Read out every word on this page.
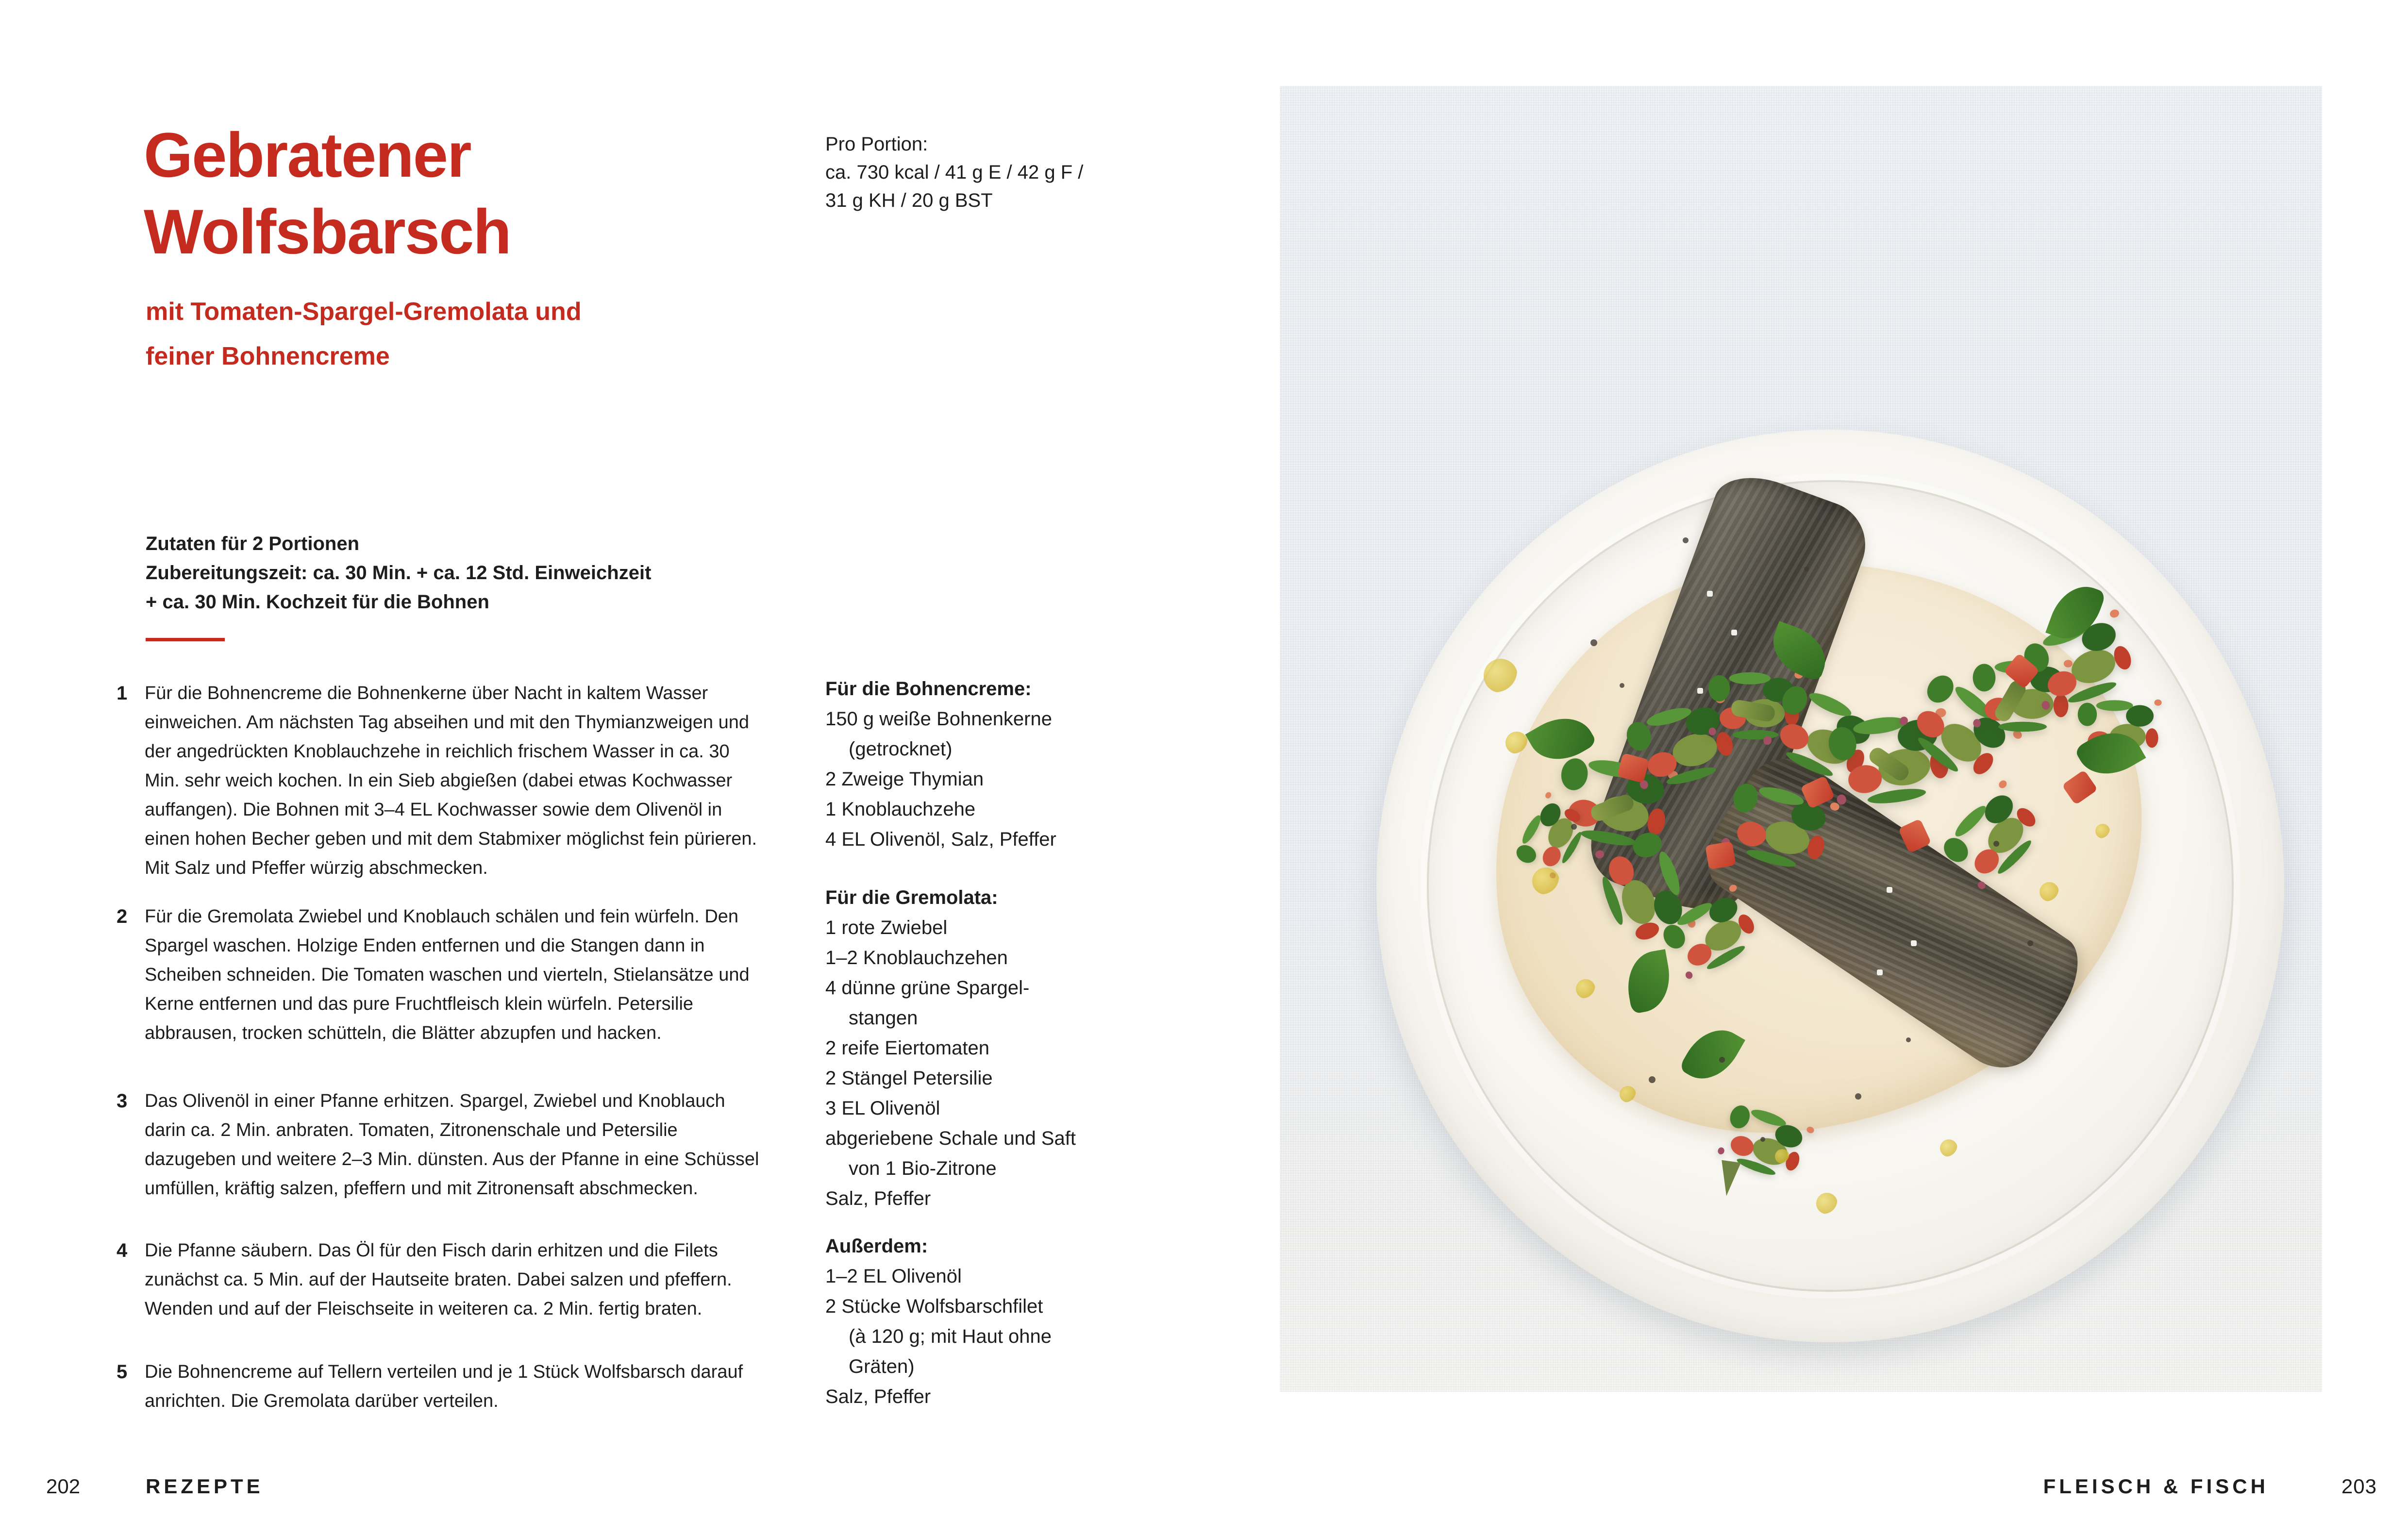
Gebratener
Wolfsbarsch
mit Tomaten-Spargel-Gremolata und
feiner Bohnencreme
Pro Portion:
ca. 730 kcal / 41 g E / 42 g F /
31 g KH / 20 g BST
Zutaten für 2 Portionen
Zubereitungszeit: ca. 30 Min. + ca. 12 Std. Einweichzeit
+ ca. 30 Min. Kochzeit für die Bohnen
1 Für die Bohnencreme die Bohnenkerne über Nacht in kaltem Wasser einweichen. Am nächsten Tag abseihen und mit den Thymianzweigen und der angedrückten Knoblauchzehe in reichlich frischem Wasser in ca. 30 Min. sehr weich kochen. In ein Sieb abgießen (dabei etwas Kochwasser auffangen). Die Bohnen mit 3–4 EL Kochwasser sowie dem Olivenöl in einen hohen Becher geben und mit dem Stabmixer möglichst fein pürieren. Mit Salz und Pfeffer würzig abschmecken.

2 Für die Gremolata Zwiebel und Knoblauch schälen und fein würfeln. Den Spargel waschen. Holzige Enden entfernen und die Stangen dann in Scheiben schneiden. Die Tomaten waschen und vierteln, Stielansätze und Kerne entfernen und das pure Fruchtfleisch klein würfeln. Petersilie abbrausen, trocken schütteln, die Blätter abzupfen und hacken.

3 Das Olivenöl in einer Pfanne erhitzen. Spargel, Zwiebel und Knoblauch darin ca. 2 Min. anbraten. Tomaten, Zitronenschale und Petersilie dazugeben und weitere 2–3 Min. dünsten. Aus der Pfanne in eine Schüssel umfüllen, kräftig salzen, pfeffern und mit Zitronensaft abschmecken.

4 Die Pfanne säubern. Das Öl für den Fisch darin erhitzen und die Filets zunächst ca. 5 Min. auf der Hautseite braten. Dabei salzen und pfeffern. Wenden und auf der Fleischseite in weiteren ca. 2 Min. fertig braten.

5 Die Bohnencreme auf Tellern verteilen und je 1 Stück Wolfsbarsch darauf anrichten. Die Gremolata darüber verteilen.

Für die Bohnencreme:
150 g weiße Bohnenkerne
(getrocknet)
2 Zweige Thymian
1 Knoblauchzehe
4 EL Olivenöl, Salz, Pfeffer
Für die Gremolata:
1 rote Zwiebel
1–2 Knoblauchzehen
4 dünne grüne Spargel-
stangen
2 reife Eiertomaten
2 Stängel Petersilie
3 EL Olivenöl
abgeriebene Schale und Saft
von 1 Bio-Zitrone
Salz, Pfeffer
Außerdem:
1–2 EL Olivenöl
2 Stücke Wolfsbarschfilet
(à 120 g; mit Haut ohne
Gräten)
Salz, Pfeffer
202	REZEPTE	FLEISCH & FISCH	203
